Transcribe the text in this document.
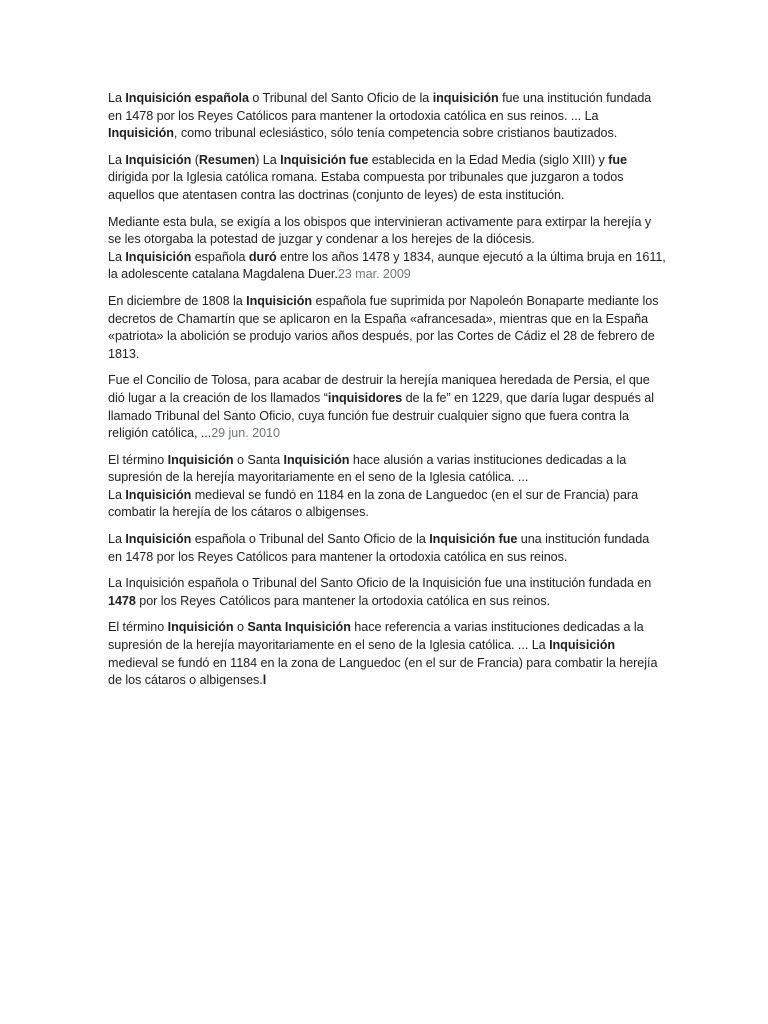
La Inquisición española o Tribunal del Santo Oficio de la inquisición fue una institución fundada en 1478 por los Reyes Católicos para mantener la ortodoxia católica en sus reinos. ... La Inquisición, como tribunal eclesiástico, sólo tenía competencia sobre cristianos bautizados.

La Inquisición (Resumen) La Inquisición fue establecida en la Edad Media (siglo XIII) y fue dirigida por la Iglesia católica romana. Estaba compuesta por tribunales que juzgaron a todos aquellos que atentasen contra las doctrinas (conjunto de leyes) de esta institución.

Mediante esta bula, se exigía a los obispos que intervinieran activamente para extirpar la herejía y se les otorgaba la potestad de juzgar y condenar a los herejes de la diócesis.
La Inquisición española duró entre los años 1478 y 1834, aunque ejecutó a la última bruja en 1611, la adolescente catalana Magdalena Duer.23 mar. 2009

En diciembre de 1808 la Inquisición española fue suprimida por Napoleón Bonaparte mediante los decretos de Chamartín que se aplicaron en la España «afrancesada», mientras que en la España «patriota» la abolición se produjo varios años después, por las Cortes de Cádiz el 28 de febrero de 1813.

Fue el Concilio de Tolosa, para acabar de destruir la herejía maniquea heredada de Persia, el que dió lugar a la creación de los llamados “inquisidores de la fe” en 1229, que daría lugar después al llamado Tribunal del Santo Oficio, cuya función fue destruir cualquier signo que fuera contra la religión católica, ...29 jun. 2010

El término Inquisición o Santa Inquisición hace alusión a varias instituciones dedicadas a la supresión de la herejía mayoritariamente en el seno de la Iglesia católica. ...
La Inquisición medieval se fundó en 1184 en la zona de Languedoc (en el sur de Francia) para combatir la herejía de los cátaros o albigenses.

La Inquisición española o Tribunal del Santo Oficio de la Inquisición fue una institución fundada en 1478 por los Reyes Católicos para mantener la ortodoxia católica en sus reinos.

La Inquisición española o Tribunal del Santo Oficio de la Inquisición fue una institución fundada en 1478 por los Reyes Católicos para mantener la ortodoxia católica en sus reinos.

El término Inquisición o Santa Inquisición hace referencia a varias instituciones dedicadas a la supresión de la herejía mayoritariamente en el seno de la Iglesia católica. ... La Inquisición medieval se fundó en 1184 en la zona de Languedoc (en el sur de Francia) para combatir la herejía de los cátaros o albigenses.l
